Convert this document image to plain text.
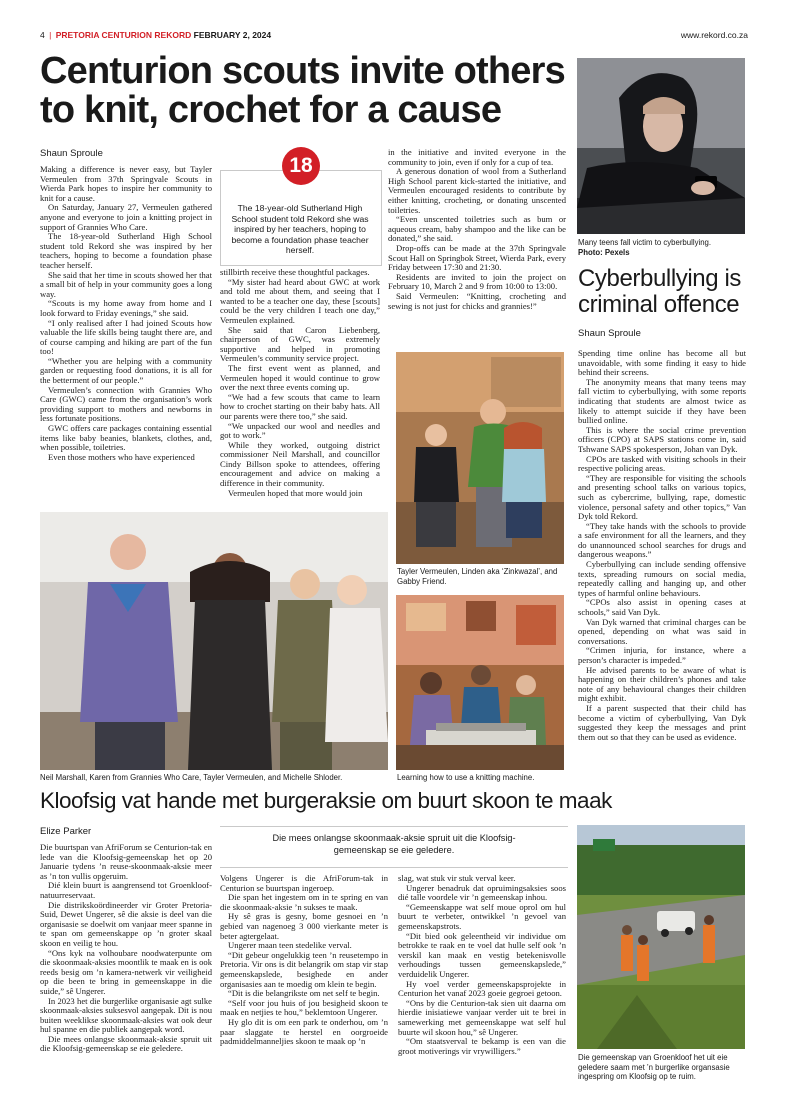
4 | PRETORIA CENTURION REKORD FEBRUARY 2, 2024	www.rekord.co.za
Centurion scouts invite others
to knit, crochet for a cause
Shaun Sproule
18
The 18-year-old Sutherland High School student told Rekord she was inspired by her teachers, hoping to become a foundation phase teacher herself.

Making a difference is never easy, but Tayler Vermeulen from 37th Springvale Scouts in Wierda Park hopes to inspire her community to knit for a cause.

On Saturday, January 27, Vermeulen gathered anyone and everyone to join a knitting project in support of Grannies Who Care.

The 18-year-old Sutherland High School student told Rekord she was inspired by her teachers, hoping to become a foundation phase teacher herself.

She said that her time in scouts showed her that a small bit of help in your community goes a long way.

“Scouts is my home away from home and I look forward to Friday evenings,” she said.

“I only realised after I had joined Scouts how valuable the life skills being taught there are, and of course camping and hiking are part of the fun too!

“Whether you are helping with a community garden or requesting food donations, it is all for the betterment of our people.”

Vermeulen’s connection with Grannies Who Care (GWC) came from the organisation’s work providing support to mothers and newborns in less fortunate positions.

GWC offers care packages containing essential items like baby beanies, blankets, clothes, and, when possible, toiletries.

Even those mothers who have experienced

stillbirth receive these thoughtful packages.

“My sister had heard about GWC at work and told me about them, and seeing that I wanted to be a teacher one day, these [scouts] could be the very children I teach one day,” Vermeulen explained.

She said that Caron Liebenberg, chairperson of GWC, was extremely supportive and helped in promoting Vermeulen’s community service project.

The first event went as planned, and Vermeulen hoped it would continue to grow over the next three events coming up.

“We had a few scouts that came to learn how to crochet starting on their baby hats. All our parents were there too,” she said.

“We unpacked our wool and needles and got to work.”

While they worked, outgoing district commissioner Neil Marshall, and councillor Cindy Billson spoke to attendees, offering encouragement and advice on making a difference in their community.

Vermeulen hoped that more would join

in the initiative and invited everyone in the community to join, even if only for a cup of tea.

A generous donation of wool from a Sutherland High School parent kick-started the initiative, and Vermeulen encouraged residents to contribute by either knitting, crocheting, or donating unscented toiletries.

“Even unscented toiletries such as bum or aqueous cream, baby shampoo and the like can be donated,” she said.

Drop-offs can be made at the 37th Springvale Scout Hall on Springbok Street, Wierda Park, every Friday between 17:30 and 21:30.

Residents are invited to join the project on February 10, March 2 and 9 from 10:00 to 13:00.

Said Vermeulen: “Knitting, crocheting and sewing is not just for chicks and grannies!”

Tayler Vermeulen, Linden aka ‘Zinkwazal’, and Gabby Friend.
Learning how to use a knitting machine.
Neil Marshall, Karen from Grannies Who Care, Tayler Vermeulen, and Michelle Shloder.
Many teens fall victim to cyberbullying.
Photo: Pexels
Cyberbullying is
criminal offence
Shaun Sproule

Spending time online has become all but unavoidable, with some finding it easy to hide behind their screens.

The anonymity means that many teens may fall victim to cyberbullying, with some reports indicating that students are almost twice as likely to attempt suicide if they have been bullied online.

This is where the social crime prevention officers (CPO) at SAPS stations come in, said Tshwane SAPS spokesperson, Johan van Dyk.

CPOs are tasked with visiting schools in their respective policing areas.

“They are responsible for visiting the schools and presenting school talks on various topics, such as cybercrime, bullying, rape, domestic violence, personal safety and other topics,” Van Dyk told Rekord.

“They take hands with the schools to provide a safe environment for all the learners, and they do unannounced school searches for drugs and dangerous weapons.”

Cyberbullying can include sending offensive texts, spreading rumours on social media, repeatedly calling and hanging up, and other types of harmful online behaviours.

“CPOs also assist in opening cases at schools,” said Van Dyk.

Van Dyk warned that criminal charges can be opened, depending on what was said in conversations.

“Crimen injuria, for instance, where a person’s character is impeded.”

He advised parents to be aware of what is happening on their children’s phones and take note of any behavioural changes their children might exhibit.

If a parent suspected that their child has become a victim of cyberbullying, Van Dyk suggested they keep the messages and print them out so that they can be used as evidence.

Kloofsig vat hande met burgeraksie om buurt skoon te maak
Elize Parker
Die mees onlangse skoonmaak-aksie spruit uit die Kloofsig-gemeenskap se eie geledere.

Die buurtspan van AfriForum se Centurion-tak en lede van die Kloofsig-gemeenskap het op 20 Januarie tydens ’n reuse-skoonmaak-aksie meer as ’n ton vullis opgeruim.

Dié klein buurt is aangrensend tot Groenkloof-natuurreservaat.

Die distrikskoördineerder vir Groter Pretoria-Suid, Dewet Ungerer, sê die aksie is deel van die organisasie se doelwit om vanjaar meer spanne in te span om gemeenskappe op ’n groter skaal skoon en veilig te hou.

“Ons kyk na volhoubare noodwaterpunte om die skoonmaak-aksies moontlik te maak en is ook reeds besig om ’n kamera-netwerk vir veiligheid op die been te bring in gemeenskappe in die suide,” sê Ungerer.

In 2023 het die burgerlike organisasie agt sulke skoonmaak-aksies suksesvol aangepak. Dit is nou buiten weeklikse skoonmaak-aksies wat ook deur hul spanne en die publiek aangepak word.

Die mees onlangse skoonmaak-aksie spruit uit die Kloofsig-gemeenskap se eie geledere.

Volgens Ungerer is die AfriForum-tak in Centurion se buurtspan ingeroep.

Die span het ingestem om in te spring en van die skoonmaak-aksie ’n sukses te maak.

Hy sê gras is gesny, bome gesnoei en ’n gebied van nagenoeg 3 000 vierkante meter is beter agtergelaat.

Ungerer maan teen stedelike verval.

“Dit gebeur ongelukkig teen ’n reusetempo in Pretoria. Vir ons is dit belangrik om stap vir stap gemeenskapslede, besighede en ander organisasies aan te moedig om klein te begin.

“Dit is die belangrikste om net self te begin.

“Self voor jou huis of jou besigheid skoon te maak en netjies te hou,” beklemtoon Ungerer.

Hy glo dit is om een park te onderhou, om ’n paar slaggate te herstel en oorgroeide padmiddelmanneljies skoon te maak op ’n

slag, wat stuk vir stuk verval keer.

Ungerer benadruk dat opruimingsaksies soos dié talle voordele vir ’n gemeenskap inhou.

“Gemeenskappe wat self moue oprol om hul buurt te verbeter, ontwikkel ’n gevoel van gemeenskapstrots.

“Dit bied ook geleentheid vir individue om betrokke te raak en te voel dat hulle self ook ’n verskil kan maak en vestig betekenisvolle verhoudings tussen gemeenskapslede,” verduidelik Ungerer.

Hy voel verder gemeenskapsprojekte in Centurion het vanaf 2023 goeie gegroei getoon.

“Ons by die Centurion-tak sien uit daarna om hierdie inisiatiewe vanjaar verder uit te brei in samewerking met gemeenskappe wat self hul buurte wil skoon hou,” sê Ungerer.

“Om staatsverval te bekamp is een van die groot motiverings vir vrywilligers.”

Die gemeenskap van Groenkloof het uit eie geledere saam met ’n burgerlike organsasie ingespring om Kloofsig op te ruim.
